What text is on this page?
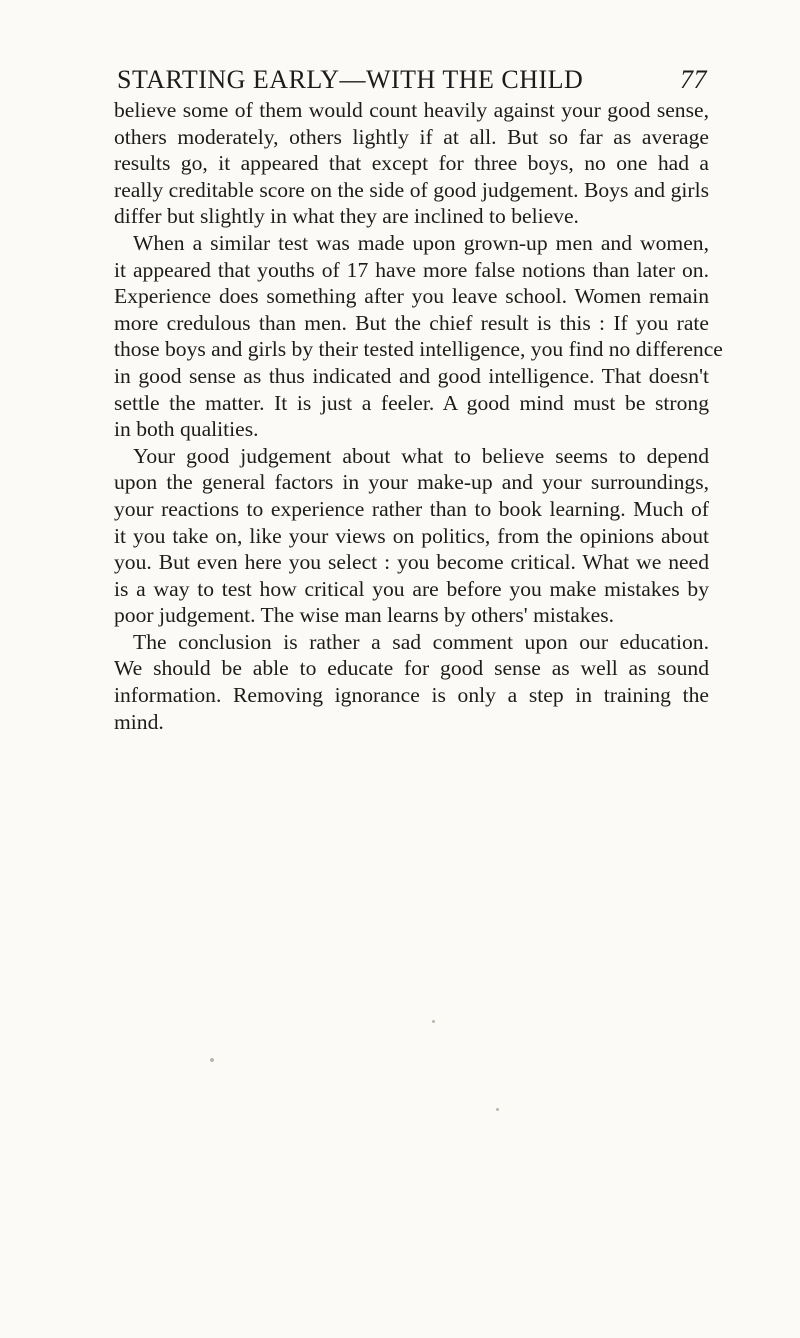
STARTING EARLY—WITH THE CHILD	77
believe some of them would count heavily against your good sense,
others moderately, others lightly if at all. But so far as average
results go, it appeared that except for three boys, no one had a
really creditable score on the side of good judgement. Boys and girls
differ but slightly in what they are inclined to believe.
When a similar test was made upon grown-up men and women,
it appeared that youths of 17 have more false notions than later on.
Experience does something after you leave school. Women remain
more credulous than men. But the chief result is this : If you rate
those boys and girls by their tested intelligence, you find no difference
in good sense as thus indicated and good intelligence. That doesn't
settle the matter. It is just a feeler. A good mind must be strong
in both qualities.
Your good judgement about what to believe seems to depend
upon the general factors in your make-up and your surroundings,
your reactions to experience rather than to book learning. Much of
it you take on, like your views on politics, from the opinions about
you. But even here you select : you become critical. What we need
is a way to test how critical you are before you make mistakes by
poor judgement. The wise man learns by others' mistakes.
The conclusion is rather a sad comment upon our education.
We should be able to educate for good sense as well as sound
information. Removing ignorance is only a step in training the
mind.
